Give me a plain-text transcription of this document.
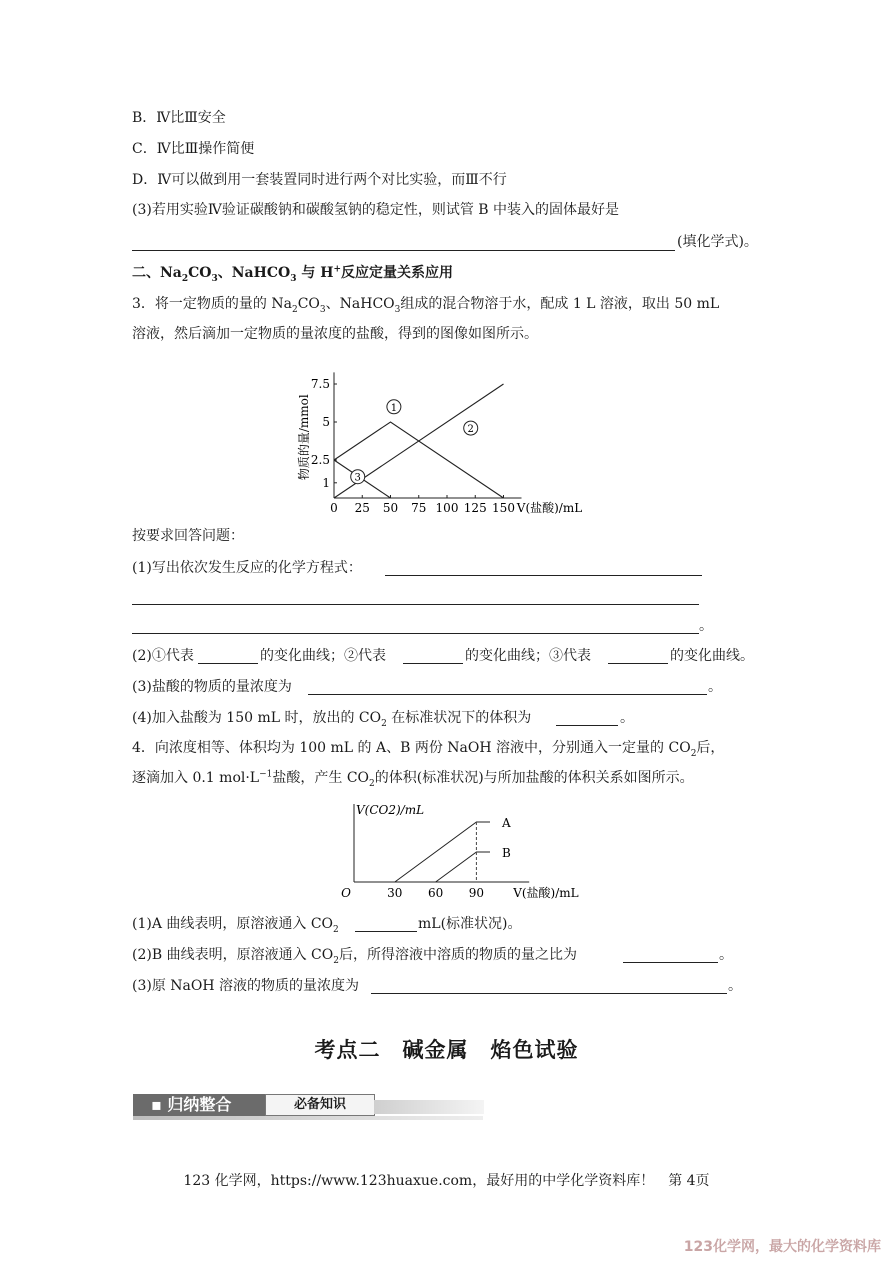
B．Ⅳ比Ⅲ安全
C．Ⅳ比Ⅲ操作简便
D．Ⅳ可以做到用一套装置同时进行两个对比实验，而Ⅲ不行
(3)若用实验Ⅳ验证碳酸钠和碳酸氢钠的稳定性，则试管 B 中装入的固体最好是
(填化学式)。
二、$Na_2CO_3$、NaHCO$_3$ 与 H+反应定量关系应用
3．将一定物质的量的 $Na_2CO_3$、NaHCO$_3$组成的混合物溶于水，配成 1 L 溶液，取出 50 mL
溶液，然后滴加一定物质的量浓度的盐酸，得到的图像如图所示。
0 25 50 75 100 125 150
1
2.5
5
7.5
1
2
3
V(盐酸)/mL
物质的量/mmol
按要求回答问题：
(1)写出依次发生反应的化学方程式：
。
(2)①代表	的变化曲线；②代表	的变化曲线；③代表	的变化曲线。
(3)盐酸的物质的量浓度为	。
(4)加入盐酸为 150 mL 时，放出的 $CO_2$ 在标准状况下的体积为	。
4．向浓度相等、体积均为 100 mL 的 A、B 两份 NaOH 溶液中，分别通入一定量的 $CO_2$后，
逐滴加入 0.1 $mol\cdot L^{-1}$盐酸，产生 $CO_2$的体积(标准状况)与所加盐酸的体积关系如图所示。
O	30 60 90
A
B
V(CO2)/mL
V(盐酸)/mL
(1)A 曲线表明，原溶液通入 $CO_2$	mL(标准状况)。
(2)B 曲线表明，原溶液通入 $CO_2$后，所得溶液中溶质的物质的量之比为	。
(3)原 NaOH 溶液的物质的量浓度为	。
考点二　碱金属　焰色试验
▪ 归纳整合	必备知识
123 化学网，https://www.123huaxue.com，最好用的中学化学资料库！　第 4页
123化学网，最大的化学资料库
